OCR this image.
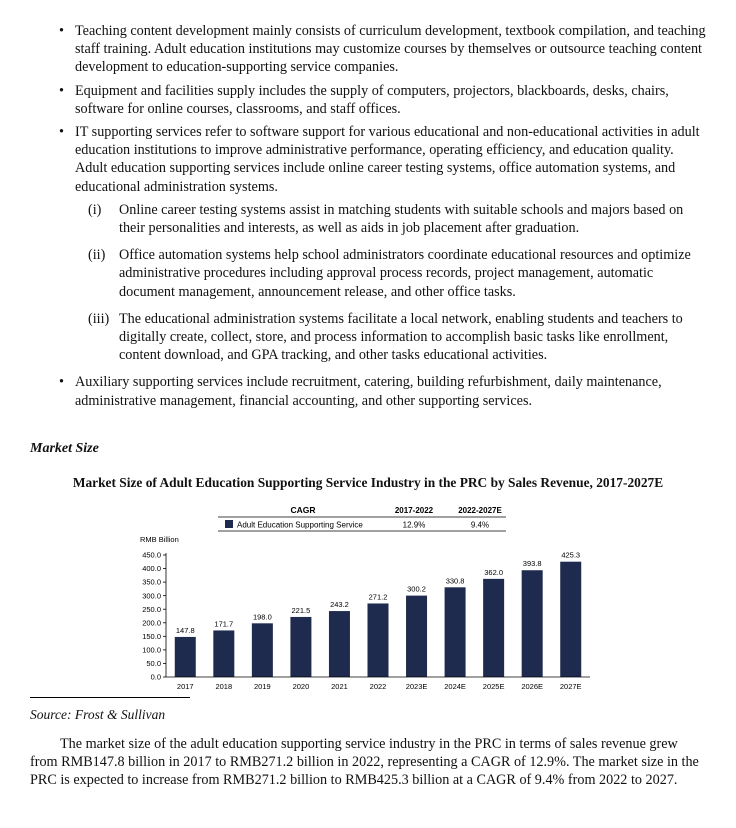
• Teaching content development mainly consists of curriculum development, textbook compilation, and teaching staff training. Adult education institutions may customize courses by themselves or outsource teaching content development to education-supporting service companies.
• Equipment and facilities supply includes the supply of computers, projectors, blackboards, desks, chairs, software for online courses, classrooms, and staff offices.
• IT supporting services refer to software support for various educational and non-educational activities in adult education institutions to improve administrative performance, operating efficiency, and education quality. Adult education supporting services include online career testing systems, office automation systems, and educational administration systems.
(i) Online career testing systems assist in matching students with suitable schools and majors based on their personalities and interests, as well as aids in job placement after graduation.
(ii) Office automation systems help school administrators coordinate educational resources and optimize administrative procedures including approval process records, project management, automatic document management, announcement release, and other office tasks.
(iii) The educational administration systems facilitate a local network, enabling students and teachers to digitally create, collect, store, and process information to accomplish basic tasks like enrollment, content download, and GPA tracking, and other tasks educational activities.
• Auxiliary supporting services include recruitment, catering, building refurbishment, daily maintenance, administrative management, financial accounting, and other supporting services.
Market Size
Market Size of Adult Education Supporting Service Industry in the PRC by Sales Revenue, 2017-2027E
CAGR	2017-2022	2022-2027E
Adult Education Supporting Service	12.9%	9.4%
RMB Billion
0.0
50.0
100.0
150.0
200.0
250.0
300.0
350.0
400.0
450.0
147.8
171.7
198.0
221.5
243.2
271.2
300.2
330.8
362.0
393.8
425.3
2017	2018	2019	2020	2021	2022	2023E 2024E 2025E 2026E 2027E
Source: Frost & Sullivan
The market size of the adult education supporting service industry in the PRC in terms of sales revenue grew from RMB147.8 billion in 2017 to RMB271.2 billion in 2022, representing a CAGR of 12.9%. The market size in the PRC is expected to increase from RMB271.2 billion to RMB425.3 billion at a CAGR of 9.4% from 2022 to 2027.
